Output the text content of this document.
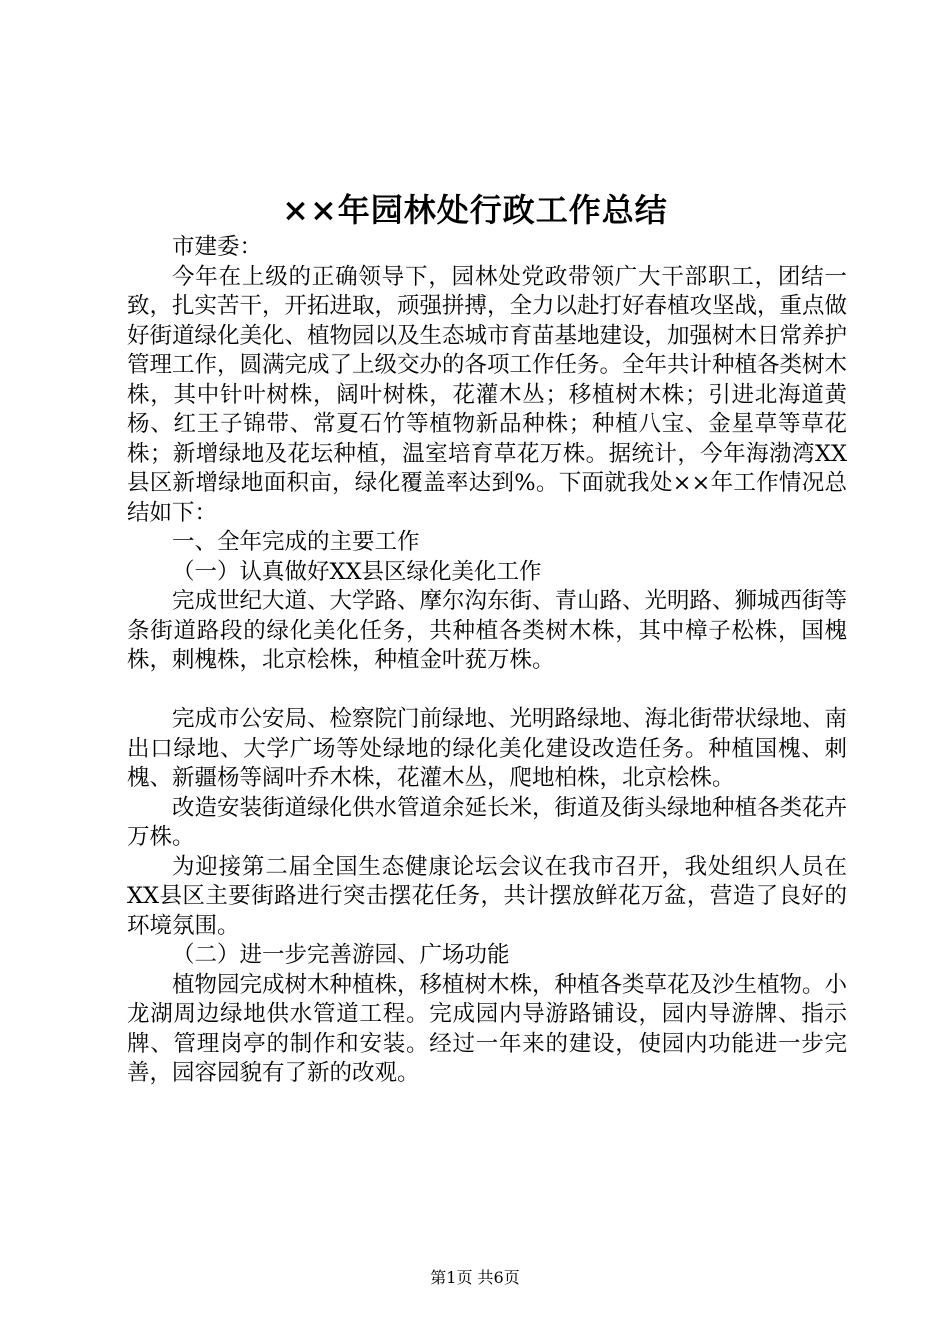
××年园林处行政工作总结

市建委：

今年在上级的正确领导下，园林处党政带领广大干部职工，团结一致，扎实苦干，开拓进取，顽强拼搏，全力以赴打好春植攻坚战，重点做好街道绿化美化、植物园以及生态城市育苗基地建设，加强树木日常养护管理工作，圆满完成了上级交办的各项工作任务。全年共计种植各类树木株，其中针叶树株，阔叶树株，花灌木丛；移植树木株；引进北海道黄杨、红王子锦带、常夏石竹等植物新品种株；种植八宝、金星草等草花株；新增绿地及花坛种植，温室培育草花万株。据统计，今年海渤湾XX县区新增绿地面积亩，绿化覆盖率达到%。下面就我处××年工作情况总结如下：

一、全年完成的主要工作

（一）认真做好XX县区绿化美化工作

完成世纪大道、大学路、摩尔沟东街、青山路、光明路、狮城西街等条街道路段的绿化美化任务，共种植各类树木株，其中樟子松株，国槐株，刺槐株，北京桧株，种植金叶莸万株。

完成市公安局、检察院门前绿地、光明路绿地、海北街带状绿地、南出口绿地、大学广场等处绿地的绿化美化建设改造任务。种植国槐、刺槐、新疆杨等阔叶乔木株，花灌木丛，爬地柏株，北京桧株。

改造安装街道绿化供水管道余延长米，街道及街头绿地种植各类花卉万株。

为迎接第二届全国生态健康论坛会议在我市召开，我处组织人员在XX县区主要街路进行突击摆花任务，共计摆放鲜花万盆，营造了良好的环境氛围。

（二）进一步完善游园、广场功能

植物园完成树木种植株，移植树木株，种植各类草花及沙生植物。小龙湖周边绿地供水管道工程。完成园内导游路铺设，园内导游牌、指示牌、管理岗亭的制作和安装。经过一年来的建设，使园内功能进一步完善，园容园貌有了新的改观。

第1页 共6页
